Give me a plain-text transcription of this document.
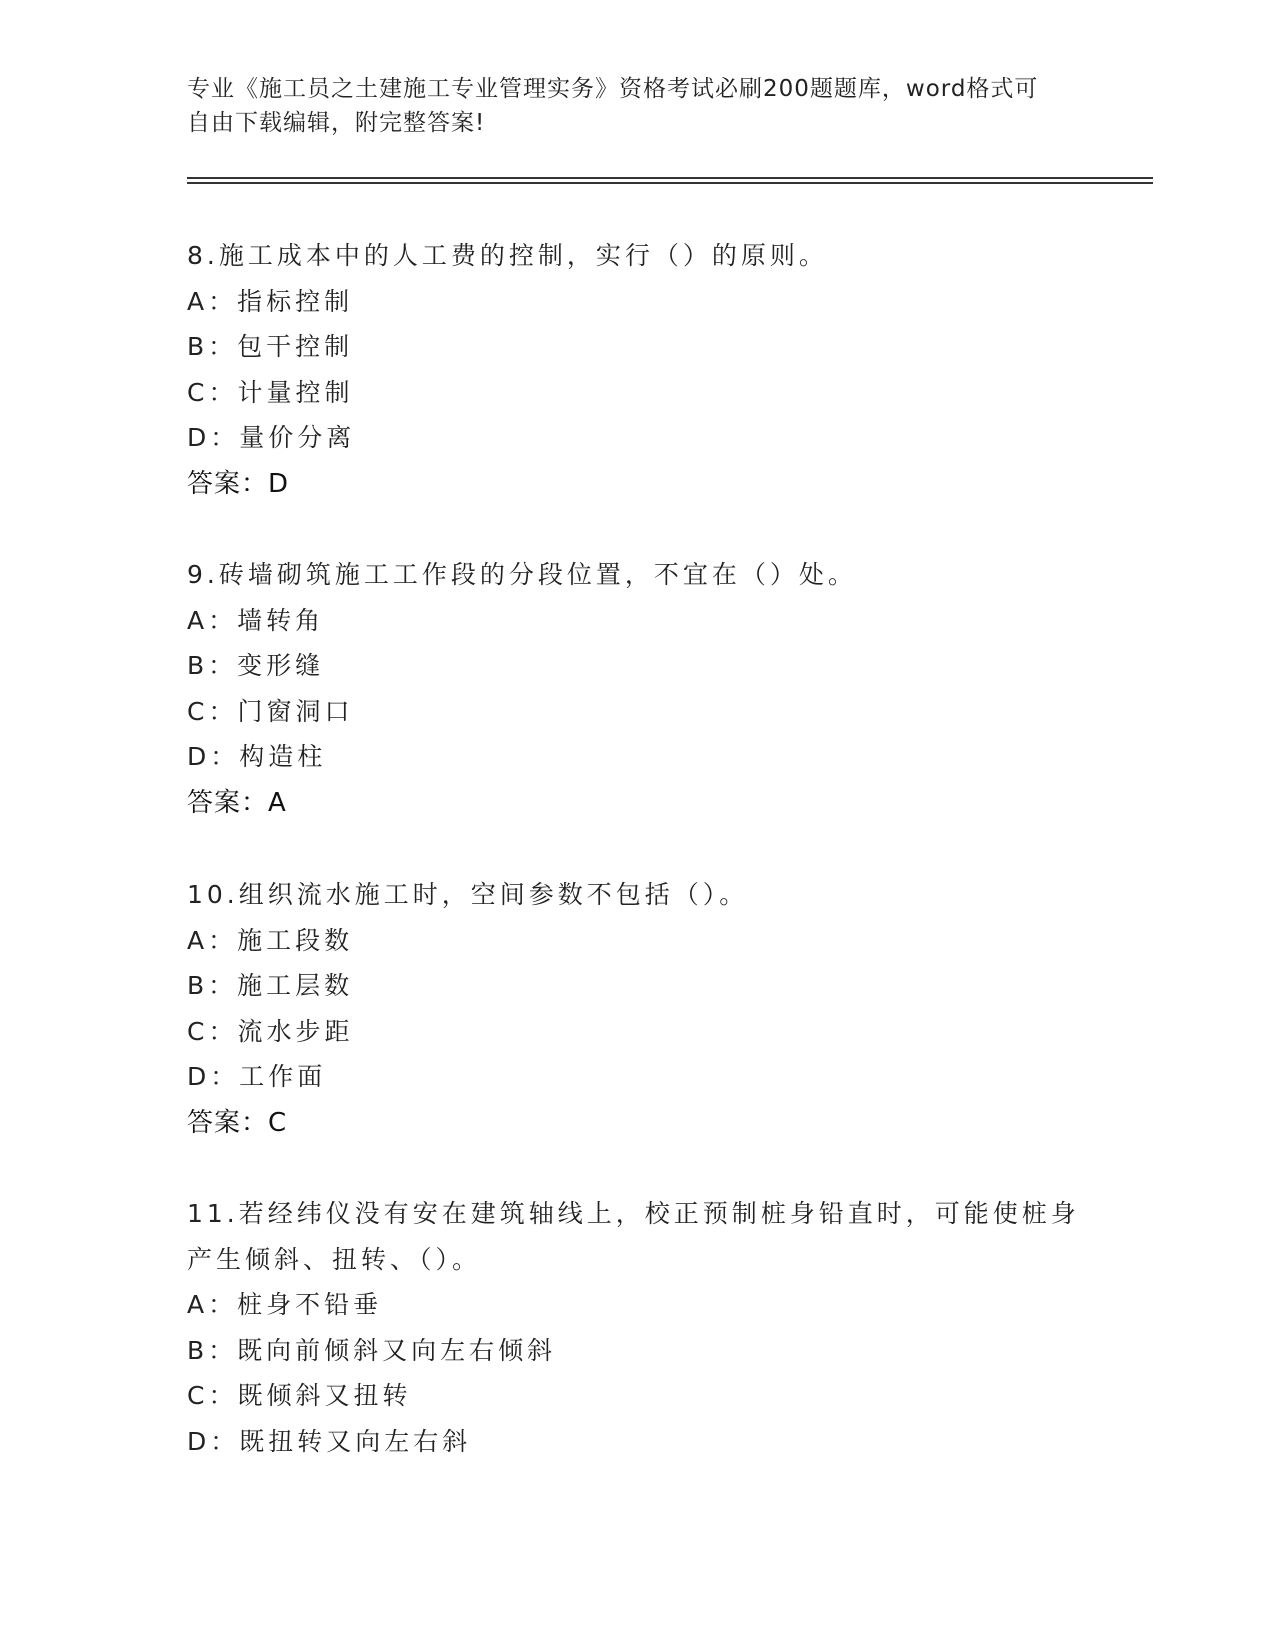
专业《施工员之土建施工专业管理实务》资格考试必刷200题题库，word格式可
自由下载编辑，附完整答案!
8.施工成本中的人工费的控制，实行（）的原则。
A：指标控制
B：包干控制
C：计量控制
D：量价分离
答案：D
9.砖墙砌筑施工工作段的分段位置，不宜在（）处。
A：墙转角
B：变形缝
C：门窗洞口
D：构造柱
答案：A
10.组织流水施工时，空间参数不包括（）。
A：施工段数
B：施工层数
C：流水步距
D：工作面
答案：C
11.若经纬仪没有安在建筑轴线上，校正预制桩身铅直时，可能使桩身
产生倾斜、扭转、（）。
A：桩身不铅垂
B：既向前倾斜又向左右倾斜
C：既倾斜又扭转
D：既扭转又向左右斜
